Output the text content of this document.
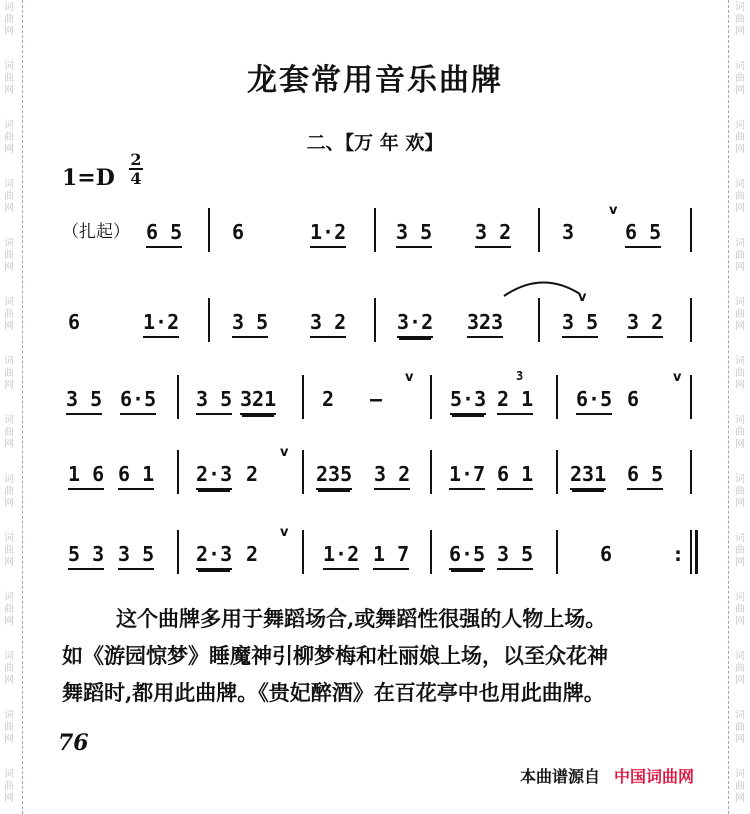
词
曲
网
词
曲
网
词
曲
网
词
曲
网
词
曲
网
词
曲
网
词
曲
网
词
曲
网
词
曲
网
词
曲
网
词
曲
网
词
曲
网
词
曲
网
词
曲
网
词
曲
网
词
曲
网
词
曲
网
词
曲
网
词
曲
网
词
曲
网
词
曲
网
词
曲
网
词
曲
网
词
曲
网
词
曲
网
词
曲
网
词
曲
网
词
曲
网
龙套常用音乐曲牌
二、【万 年 欢】
1=D
2
4
（扎起） 6 5 6	1·2 3 5 3 2	3
v
6 5
6	1·2	3 5 3 2	3·2 323
v
3 5 3 2
3 5 6·5 3 5 321 2 –
v
5·3 2 1
3
6·5 6
v
1 6 6 1 2·3 2
v
235 3 2 1·7 6 1 231 6 5
5 3 3 5 2·3 2
v
1·2 1 7 6·5 3 5	6	:
这个曲牌多用于舞蹈场合,或舞蹈性很强的人物上场。
如《游园惊梦》睡魔神引柳梦梅和杜丽娘上场，以至众花神
舞蹈时,都用此曲牌。《贵妃醉酒》在百花亭中也用此曲牌。
76
本曲谱源自 中国词曲网
